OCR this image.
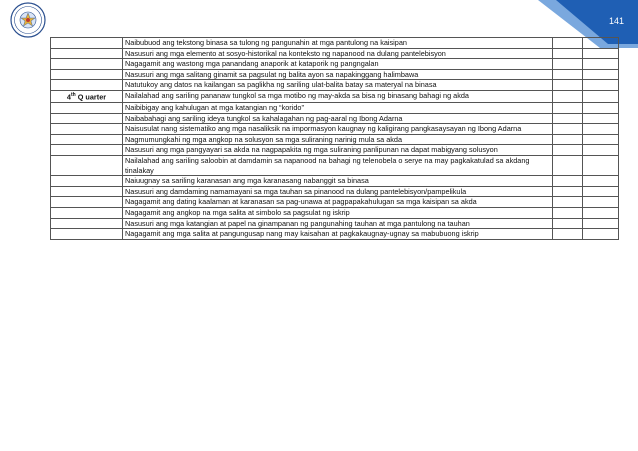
141
	Naibubuod ang tekstong binasa sa tulong ng pangunahin at mga pantulong na kaisipan		
	Nasusuri ang mga elemento at sosyo-historikal na konteksto ng napanood na dulang pantelebisyon		
	Nagagamit ang wastong mga panandang anaporik at kataporik ng pangngalan		
	Nasusuri ang mga salitang ginamit sa pagsulat ng balita ayon sa napakinggang halimbawa		
	Natutukoy ang datos na kailangan sa paglikha ng sariling ulat-balita batay sa materyal na binasa		
4th Q uarter	Nailalahad ang sariling pananaw tungkol sa mga motibo ng may-akda sa bisa ng binasang bahagi ng akda		
	Naibibigay ang kahulugan at mga katangian ng “korido”		
	Naibabahagi ang sariling ideya tungkol sa kahalagahan ng pag-aaral ng Ibong Adarna		
	Naisusulat nang sistematiko ang mga nasaliksik na impormasyon kaugnay ng kaligirang pangkasaysayan ng Ibong Adarna		
	Nagmumungkahi ng mga angkop na solusyon sa mga suliraning narinig mula sa akda		
	Nasusuri ang mga pangyayari sa akda na nagpapakita ng mga suliraning panlipunan na dapat mabigyang solusyon		
	Nailalahad ang sariling saloobin at damdamin sa napanood na bahagi ng telenobela o serye na may pagkakatulad sa akdang tinalakay		
	Naiuugnay sa sariling karanasan ang mga karanasang nabanggit sa binasa		
	Nasusuri ang damdaming namamayani sa mga tauhan sa pinanood na dulang pantelebisyon/pampelikula		
	Nagagamit ang dating kaalaman at karanasan sa pag-unawa at pagpapakahulugan sa mga kaisipan sa akda		
	Nagagamit ang angkop na mga salita at simbolo sa pagsulat ng iskrip		
	Nasusuri ang mga katangian at papel na ginampanan ng pangunahing tauhan at mga pantulong na tauhan		
	Nagagamit ang mga salita at pangungusap nang may kaisahan at pagkakaugnay-ugnay sa mabubuong iskrip		
